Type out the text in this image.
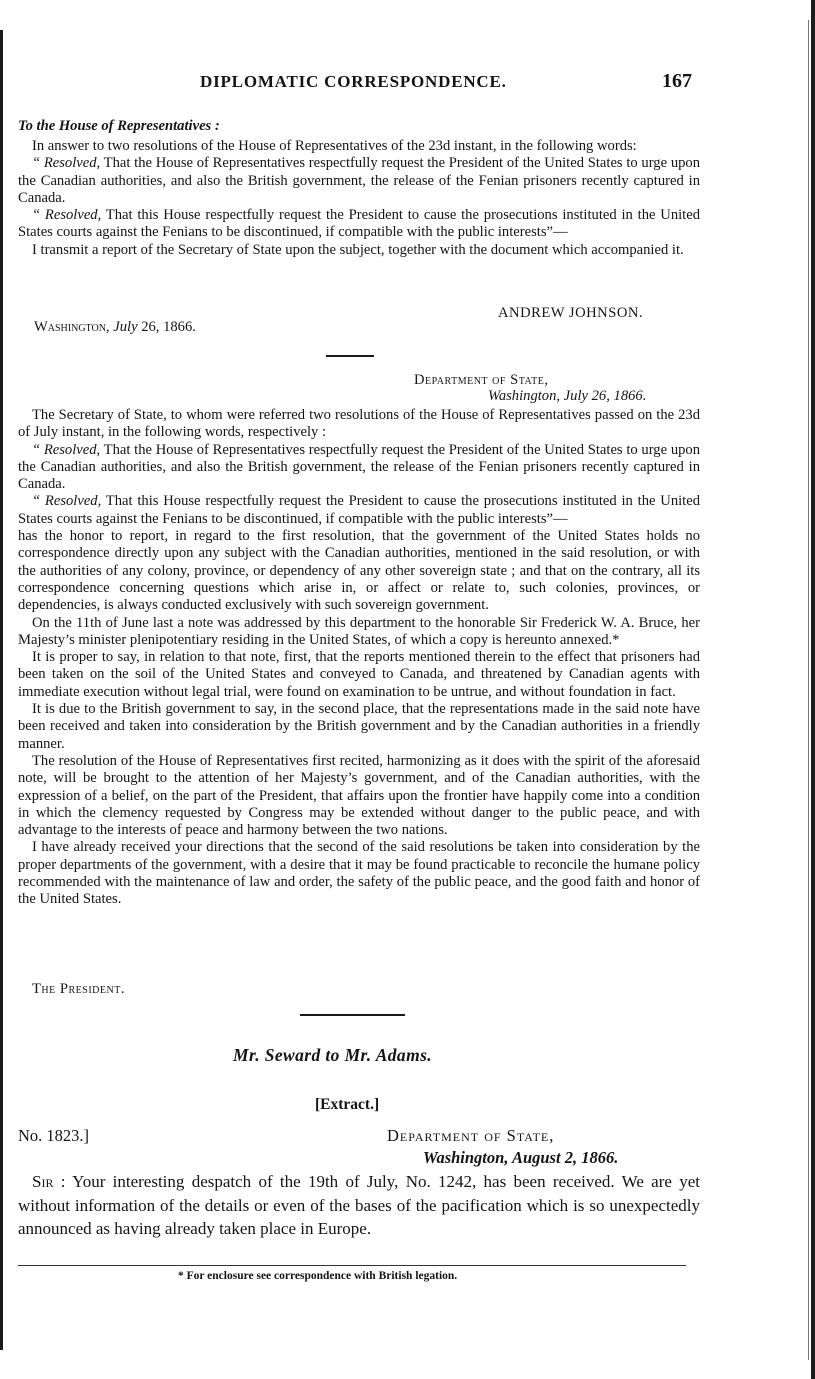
DIPLOMATIC CORRESPONDENCE.	167
To the House of Representatives :

In answer to two resolutions of the House of Representatives of the 23d instant, in the following words:

“ Resolved, That the House of Representatives respectfully request the President of the United States to urge upon the Canadian authorities, and also the British government, the release of the Fenian prisoners recently captured in Canada.

“ Resolved, That this House respectfully request the President to cause the prosecutions instituted in the United States courts against the Fenians to be discontinued, if compatible with the public interests”—

I transmit a report of the Secretary of State upon the subject, together with the document which accompanied it.

ANDREW JOHNSON.
Washington, July 26, 1866.
Department of State,
Washington, July 26, 1866.

The Secretary of State, to whom were referred two resolutions of the House of Representatives passed on the 23d of July instant, in the following words, respectively :

“ Resolved, That the House of Representatives respectfully request the President of the United States to urge upon the Canadian authorities, and also the British government, the release of the Fenian prisoners recently captured in Canada.

“ Resolved, That this House respectfully request the President to cause the prosecutions instituted in the United States courts against the Fenians to be discontinued, if compatible with the public interests”—

has the honor to report, in regard to the first resolution, that the government of the United States holds no correspondence directly upon any subject with the Canadian authorities, mentioned in the said resolution, or with the authorities of any colony, province, or dependency of any other sovereign state ; and that on the contrary, all its correspondence concerning questions which arise in, or affect or relate to, such colonies, provinces, or dependencies, is always conducted exclusively with such sovereign government.

On the 11th of June last a note was addressed by this department to the honorable Sir Frederick W. A. Bruce, her Majesty’s minister plenipotentiary residing in the United States, of which a copy is hereunto annexed.*

It is proper to say, in relation to that note, first, that the reports mentioned therein to the effect that prisoners had been taken on the soil of the United States and conveyed to Canada, and threatened by Canadian agents with immediate execution without legal trial, were found on examination to be untrue, and without foundation in fact.

It is due to the British government to say, in the second place, that the representations made in the said note have been received and taken into consideration by the British government and by the Canadian authorities in a friendly manner.

The resolution of the House of Representatives first recited, harmonizing as it does with the spirit of the aforesaid note, will be brought to the attention of her Majesty’s government, and of the Canadian authorities, with the expression of a belief, on the part of the President, that affairs upon the frontier have happily come into a condition in which the clemency requested by Congress may be extended without danger to the public peace, and with advantage to the interests of peace and harmony between the two nations.

I have already received your directions that the second of the said resolutions be taken into consideration by the proper departments of the government, with a desire that it may be found practicable to reconcile the humane policy recommended with the maintenance of law and order, the safety of the public peace, and the good faith and honor of the United States.

The President.
Mr. Seward to Mr. Adams.
[Extract.]
No. 1823.]	Department of State,
Washington, August 2, 1866.

Sir : Your interesting despatch of the 19th of July, No. 1242, has been received. We are yet without information of the details or even of the bases of the pacification which is so unexpectedly announced as having already taken place in Europe.

* For enclosure see correspondence with British legation.
